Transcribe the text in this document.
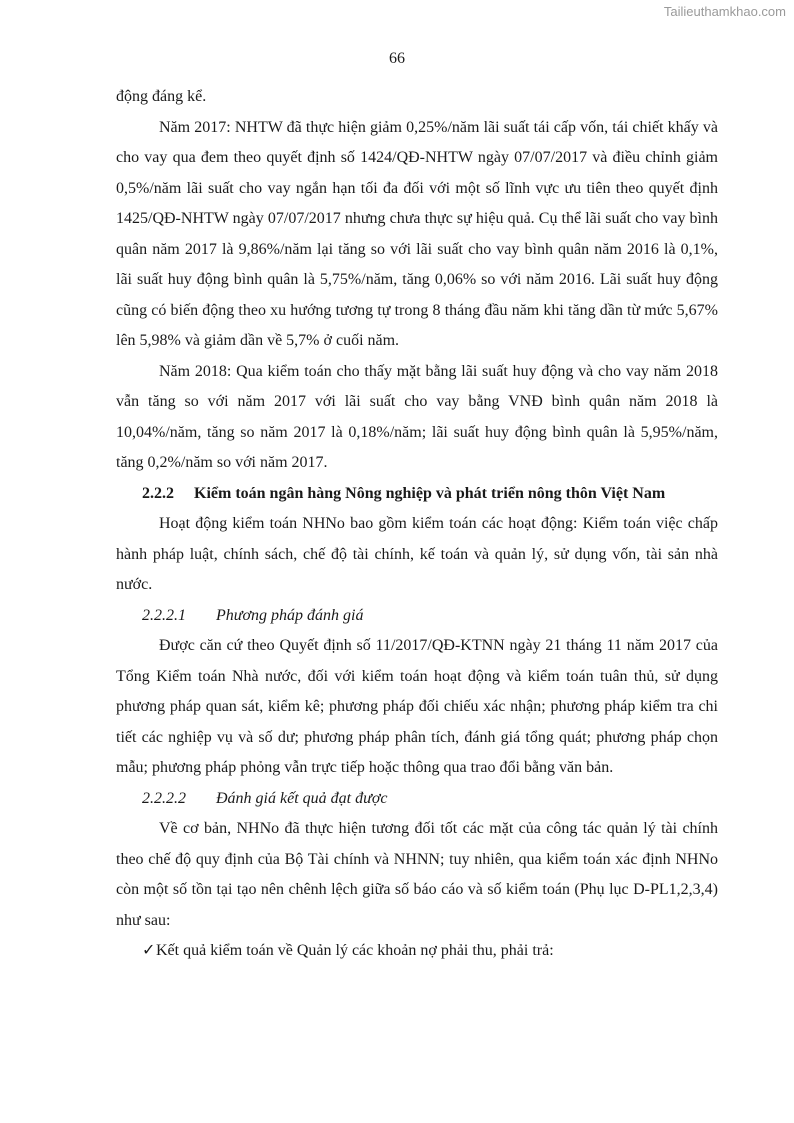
Tailieuthamkhao.com
66

động đáng kể.

Năm 2017: NHTW đã thực hiện giảm 0,25%/năm lãi suất tái cấp vốn, tái chiết khấy và cho vay qua đem theo quyết định số 1424/QĐ-NHTW ngày 07/07/2017 và điều chỉnh giảm 0,5%/năm lãi suất cho vay ngắn hạn tối đa đối với một số lĩnh vực ưu tiên theo quyết định 1425/QĐ-NHTW ngày 07/07/2017 nhưng chưa thực sự hiệu quả. Cụ thể lãi suất cho vay bình quân năm 2017 là 9,86%/năm lại tăng so với lãi suất cho vay bình quân năm 2016 là 0,1%, lãi suất huy động bình quân là 5,75%/năm, tăng 0,06% so với năm 2016. Lãi suất huy động cũng có biến động theo xu hướng tương tự trong 8 tháng đầu năm khi tăng dần từ mức 5,67% lên 5,98% và giảm dần về 5,7% ở cuối năm.

Năm 2018: Qua kiểm toán cho thấy mặt bằng lãi suất huy động và cho vay năm 2018 vẫn tăng so với năm 2017 với lãi suất cho vay bằng VNĐ bình quân năm 2018 là 10,04%/năm, tăng so năm 2017 là 0,18%/năm; lãi suất huy động bình quân là 5,95%/năm, tăng 0,2%/năm so với năm 2017.

2.2.2 Kiểm toán ngân hàng Nông nghiệp và phát triển nông thôn Việt Nam

Hoạt động kiểm toán NHNo bao gồm kiểm toán các hoạt động: Kiểm toán việc chấp hành pháp luật, chính sách, chế độ tài chính, kế toán và quản lý, sử dụng vốn, tài sản nhà nước.

2.2.2.1 Phương pháp đánh giá

Được căn cứ theo Quyết định số 11/2017/QĐ-KTNN ngày 21 tháng 11 năm 2017 của Tổng Kiểm toán Nhà nước, đối với kiểm toán hoạt động và kiểm toán tuân thủ, sử dụng phương pháp quan sát, kiểm kê; phương pháp đối chiếu xác nhận; phương pháp kiểm tra chi tiết các nghiệp vụ và số dư; phương pháp phân tích, đánh giá tổng quát; phương pháp chọn mẫu; phương pháp phỏng vẫn trực tiếp hoặc thông qua trao đổi bằng văn bản.

2.2.2.2 Đánh giá kết quả đạt được

Về cơ bản, NHNo đã thực hiện tương đối tốt các mặt của công tác quản lý tài chính theo chế độ quy định của Bộ Tài chính và NHNN; tuy nhiên, qua kiểm toán xác định NHNo còn một số tồn tại tạo nên chênh lệch giữa số báo cáo và số kiểm toán (Phụ lục D-PL1,2,3,4) như sau:

✓Kết quả kiểm toán về Quản lý các khoản nợ phải thu, phải trả:
